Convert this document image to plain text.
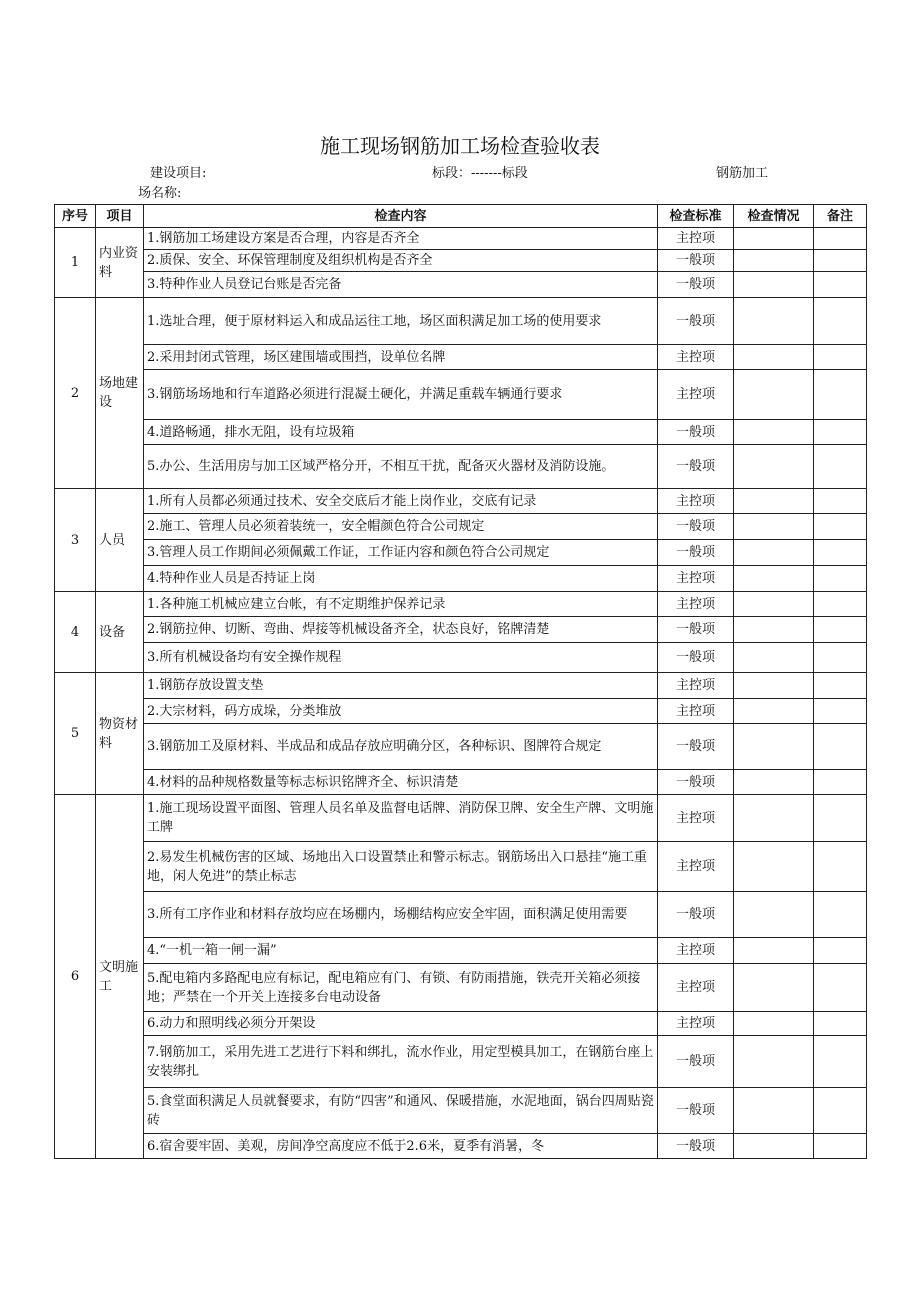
施工现场钢筋加工场检查验收表
建设项目:	标段：-------标段	钢筋加工
场名称:
序号	项目	检查内容	检查标准	检查情况	备注
1	内业资料	1.钢筋加工场建设方案是否合理，内容是否齐全	主控项		
		2.质保、安全、环保管理制度及组织机构是否齐全	一般项		
		3.特种作业人员登记台账是否完备	一般项		
2	场地建设	1.选址合理，便于原材料运入和成品运往工地，场区面积满足加工场的使用要求	一般项		
		2.采用封闭式管理，场区建围墙或围挡，设单位名牌	主控项		
		3.钢筋场场地和行车道路必须进行混凝土硬化，并满足重载车辆通行要求	主控项		
		4.道路畅通，排水无阻，设有垃圾箱	一般项		
		5.办公、生活用房与加工区域严格分开，不相互干扰，配备灭火器材及消防设施。	一般项		
3	人员	1.所有人员都必须通过技术、安全交底后才能上岗作业，交底有记录	主控项		
		2.施工、管理人员必须着装统一，安全帽颜色符合公司规定	一般项		
		3.管理人员工作期间必须佩戴工作证，工作证内容和颜色符合公司规定	一般项		
		4.特种作业人员是否持证上岗	主控项		
4	设备	1.各种施工机械应建立台帐，有不定期维护保养记录	主控项		
		2.钢筋拉伸、切断、弯曲、焊接等机械设备齐全，状态良好，铭牌清楚	一般项		
		3.所有机械设备均有安全操作规程	一般项		
5	物资材料	1.钢筋存放设置支垫	主控项		
		2.大宗材料，码方成垛，分类堆放	主控项		
		3.钢筋加工及原材料、半成品和成品存放应明确分区，各种标识、图牌符合规定	一般项		
		4.材料的品种规格数量等标志标识铭牌齐全、标识清楚	一般项		
6	文明施工	1.施工现场设置平面图、管理人员名单及监督电话牌、消防保卫牌、安全生产牌、文明施工牌	主控项		
		2.易发生机械伤害的区域、场地出入口设置禁止和警示标志。钢筋场出入口悬挂“施工重地，闲人免进”的禁止标志	主控项		
		3.所有工序作业和材料存放均应在场棚内，场棚结构应安全牢固，面积满足使用需要	一般项		
		4.“一机一箱一闸一漏”	主控项		
		5.配电箱内多路配电应有标记，配电箱应有门、有锁、有防雨措施，铁壳开关箱必须接地；严禁在一个开关上连接多台电动设备	主控项		
		6.动力和照明线必须分开架设	主控项		
		7.钢筋加工，采用先进工艺进行下料和绑扎，流水作业，用定型模具加工，在钢筋台座上安装绑扎	一般项		
		5.食堂面积满足人员就餐要求，有防“四害”和通风、保暖措施，水泥地面，锅台四周贴瓷砖	一般项		
		6.宿舍要牢固、美观，房间净空高度应不低于2.6米，夏季有消暑，冬	一般项		
